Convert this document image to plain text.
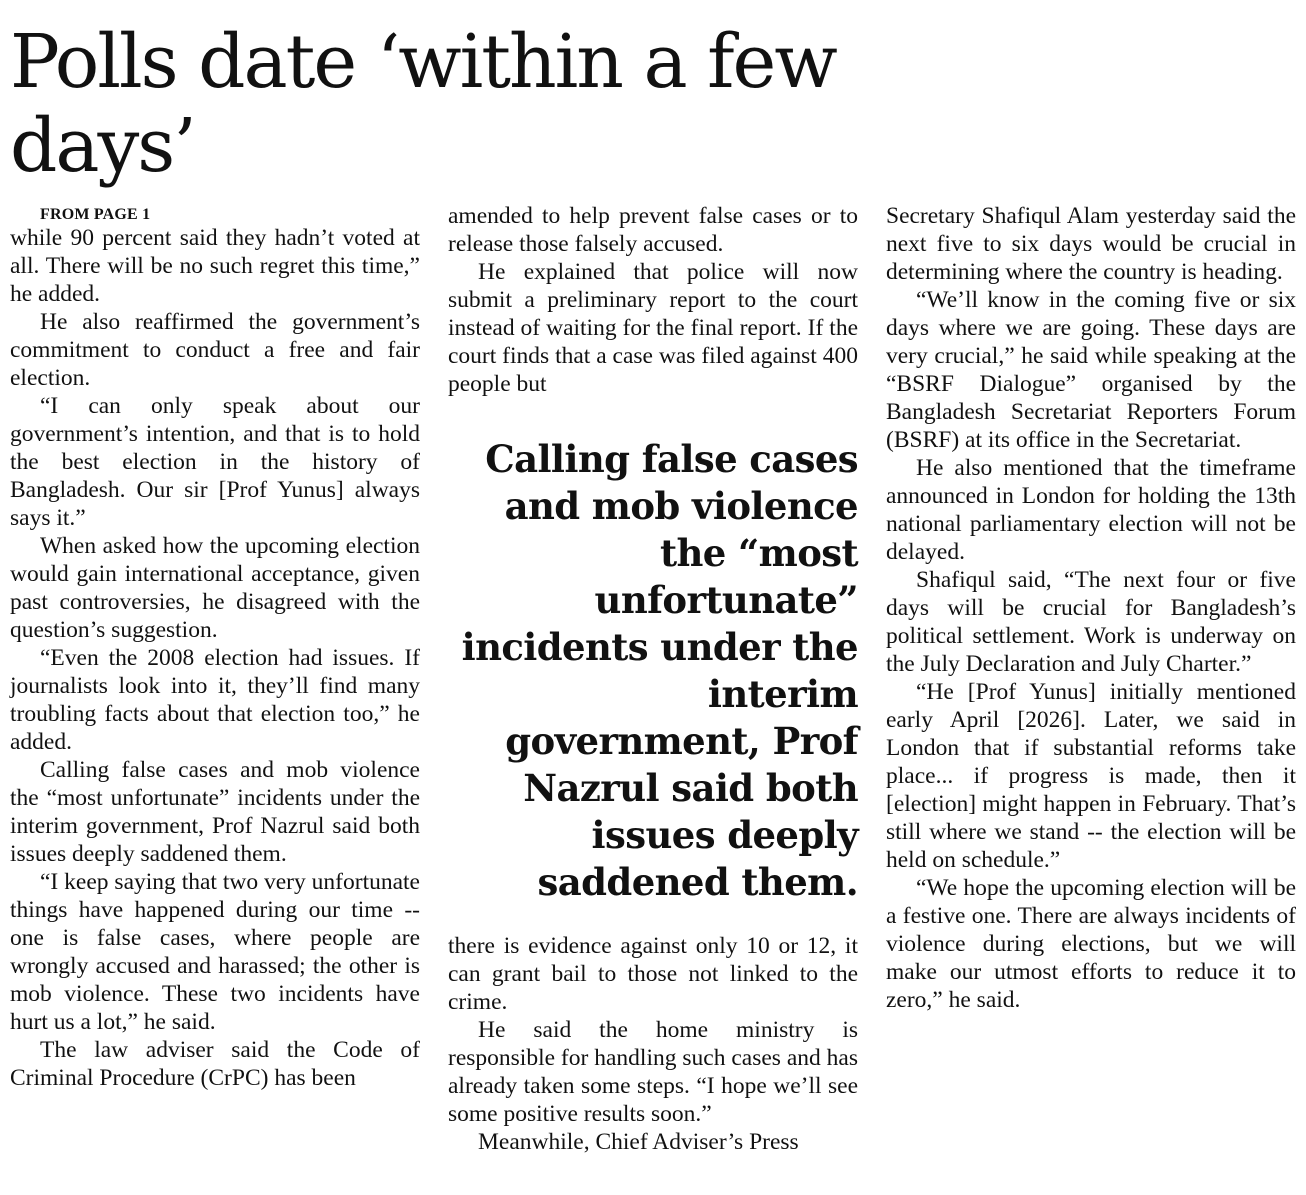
Polls date ‘within a few days’

FROM PAGE 1

while 90 percent said they hadn’t voted at all. There will be no such regret this time,” he added.

He also reaffirmed the government’s commitment to conduct a free and fair election.

“I can only speak about our government’s intention, and that is to hold the best election in the history of Bangladesh. Our sir [Prof Yunus] always says it.”

When asked how the upcoming election would gain international acceptance, given past controversies, he disagreed with the question’s suggestion.

“Even the 2008 election had issues. If journalists look into it, they’ll find many troubling facts about that election too,” he added.

Calling false cases and mob violence the “most unfortunate” incidents under the interim government, Prof Nazrul said both issues deeply saddened them.

“I keep saying that two very unfortunate things have happened during our time -- one is false cases, where people are wrongly accused and harassed; the other is mob violence. These two incidents have hurt us a lot,” he said.

The law adviser said the Code of Criminal Procedure (CrPC) has been

amended to help prevent false cases or to release those falsely accused.

He explained that police will now submit a preliminary report to the court instead of waiting for the final report. If the court finds that a case was filed against 400 people but

Calling false cases and mob violence the “most unfortunate” incidents under the interim government, Prof Nazrul said both issues deeply saddened them.

there is evidence against only 10 or 12, it can grant bail to those not linked to the crime.

He said the home ministry is responsible for handling such cases and has already taken some steps. “I hope we’ll see some positive results soon.”

Meanwhile, Chief Adviser’s Press

Secretary Shafiqul Alam yesterday said the next five to six days would be crucial in determining where the country is heading.

“We’ll know in the coming five or six days where we are going. These days are very crucial,” he said while speaking at the “BSRF Dialogue” organised by the Bangladesh Secretariat Reporters Forum (BSRF) at its office in the Secretariat.

He also mentioned that the timeframe announced in London for holding the 13th national parliamentary election will not be delayed.

Shafiqul said, “The next four or five days will be crucial for Bangladesh’s political settlement. Work is underway on the July Declaration and July Charter.”

“He [Prof Yunus] initially mentioned early April [2026]. Later, we said in London that if substantial reforms take place... if progress is made, then it [election] might happen in February. That’s still where we stand -- the election will be held on schedule.”

“We hope the upcoming election will be a festive one. There are always incidents of violence during elections, but we will make our utmost efforts to reduce it to zero,” he said.
